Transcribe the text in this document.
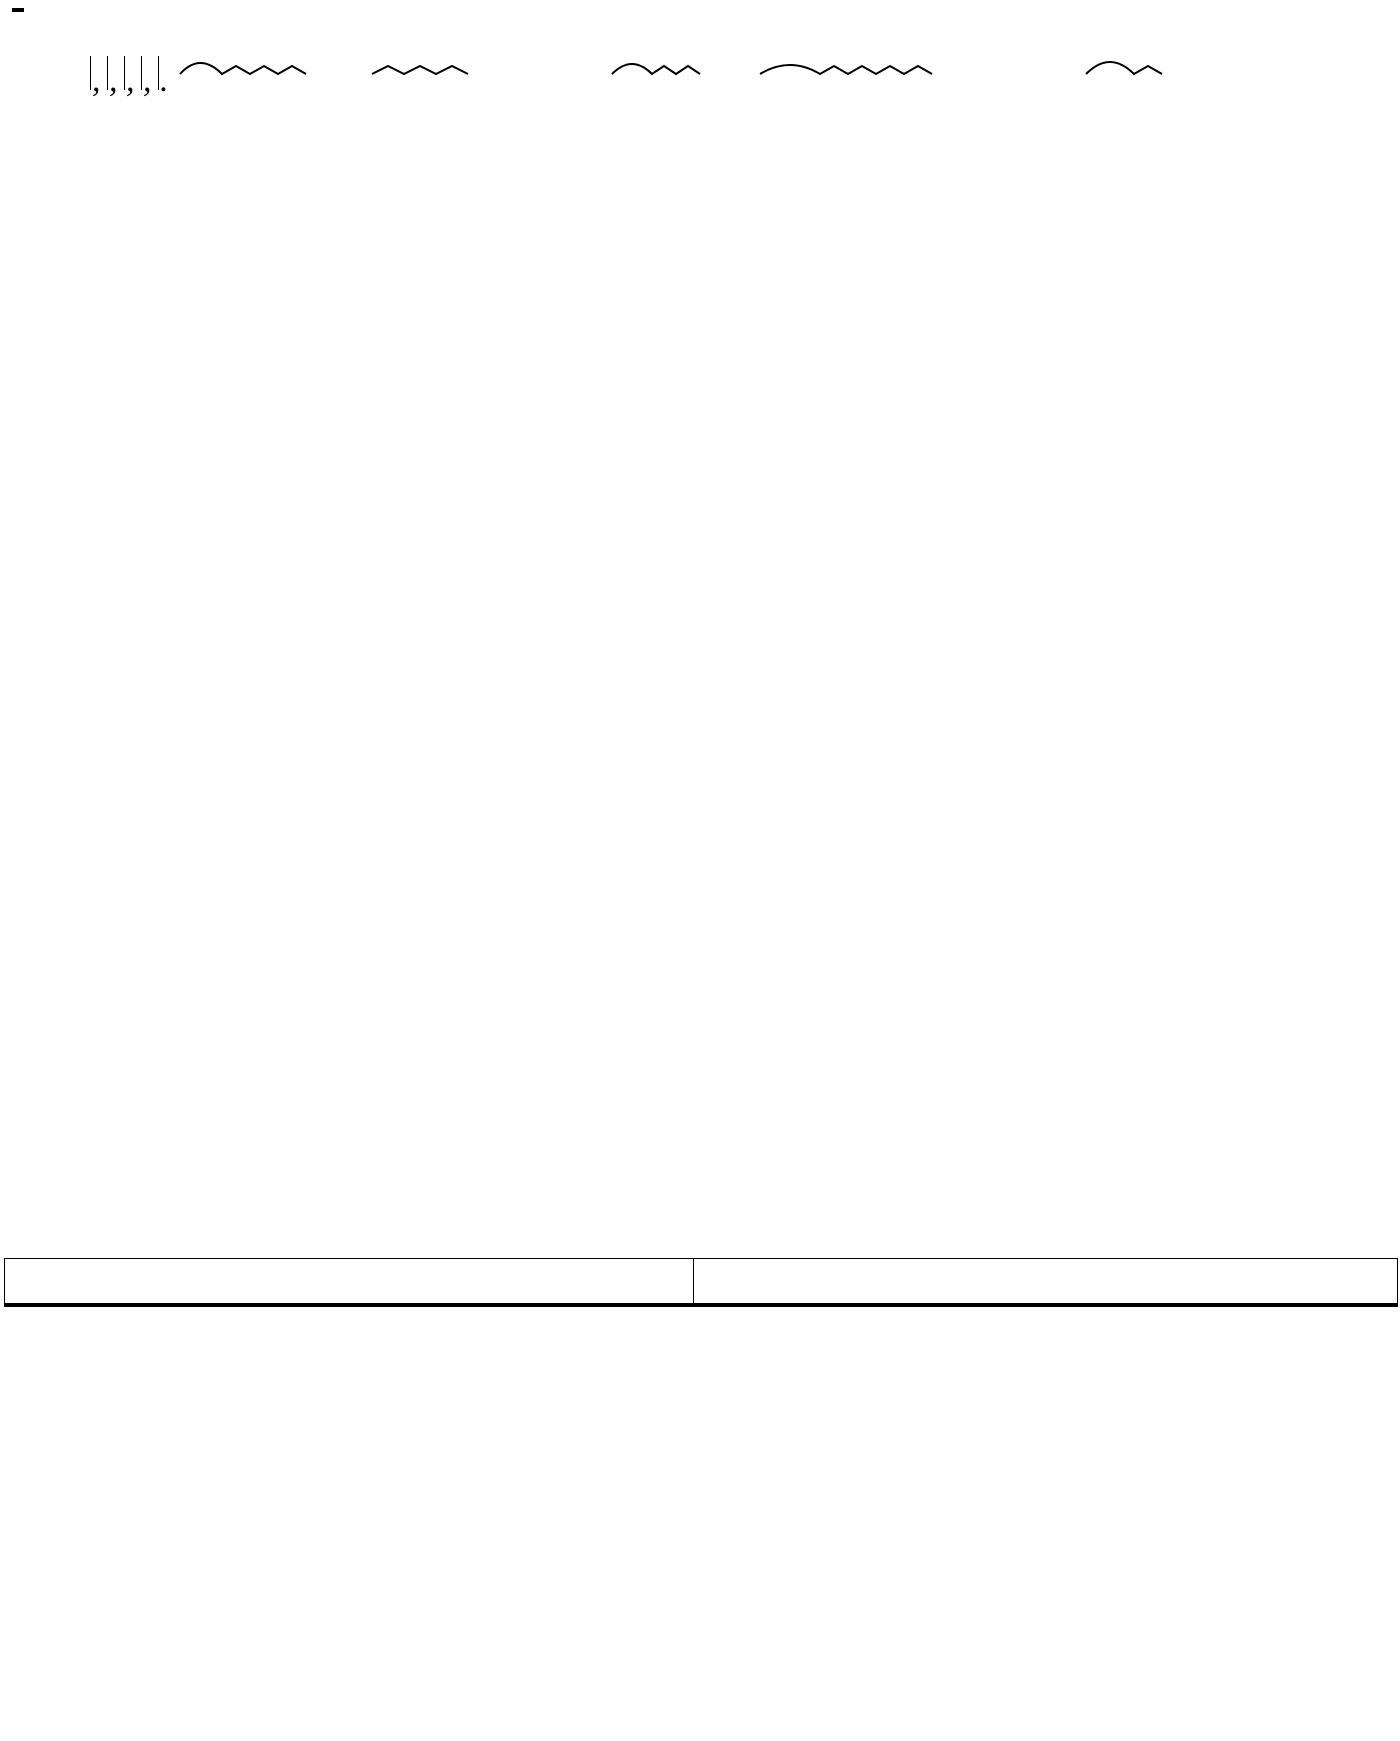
, , , , .
